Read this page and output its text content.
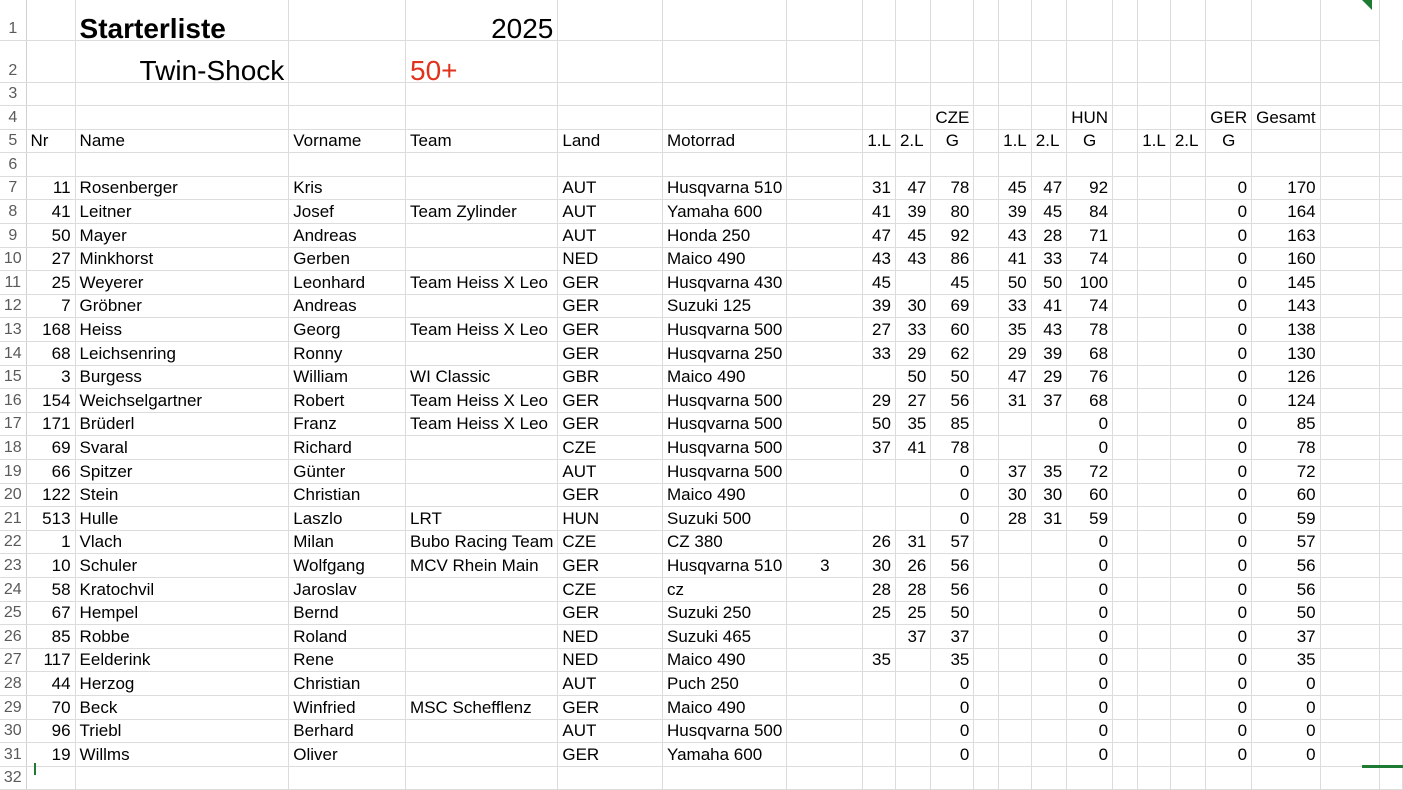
1		Starterliste		2025																	
2		Twin-Shock		50+																	
3																					
4										CZE				HUN				GER	Gesamt		
5	Nr	Name	Vorname	Team	Land	Motorrad		1.L	2.L	G		1.L	2.L	G		1.L	2.L	G			
6																					
7	11	Rosenberger	Kris		AUT	Husqvarna 510		31	47	78		45	47	92				0	170		
8	41	Leitner	Josef	Team Zylinder	AUT	Yamaha 600		41	39	80		39	45	84				0	164		
9	50	Mayer	Andreas		AUT	Honda 250		47	45	92		43	28	71				0	163		
10	27	Minkhorst	Gerben		NED	Maico 490		43	43	86		41	33	74				0	160		
11	25	Weyerer	Leonhard	Team Heiss X Leo	GER	Husqvarna 430		45		45		50	50	100				0	145		
12	7	Gröbner	Andreas		GER	Suzuki 125		39	30	69		33	41	74				0	143		
13	168	Heiss	Georg	Team Heiss X Leo	GER	Husqvarna 500		27	33	60		35	43	78				0	138		
14	68	Leichsenring	Ronny		GER	Husqvarna 250		33	29	62		29	39	68				0	130		
15	3	Burgess	William	WI Classic	GBR	Maico 490			50	50		47	29	76				0	126		
16	154	Weichselgartner	Robert	Team Heiss X Leo	GER	Husqvarna 500		29	27	56		31	37	68				0	124		
17	171	Brüderl	Franz	Team Heiss X Leo	GER	Husqvarna 500		50	35	85				0				0	85		
18	69	Svaral	Richard		CZE	Husqvarna 500		37	41	78				0				0	78		
19	66	Spitzer	Günter		AUT	Husqvarna 500				0		37	35	72				0	72		
20	122	Stein	Christian		GER	Maico 490				0		30	30	60				0	60		
21	513	Hulle	Laszlo	LRT	HUN	Suzuki 500				0		28	31	59				0	59		
22	1	Vlach	Milan	Bubo Racing Team	CZE	CZ 380		26	31	57				0				0	57		
23	10	Schuler	Wolfgang	MCV Rhein Main	GER	Husqvarna 510	3	30	26	56				0				0	56		
24	58	Kratochvil	Jaroslav		CZE	cz		28	28	56				0				0	56		
25	67	Hempel	Bernd		GER	Suzuki 250		25	25	50				0				0	50		
26	85	Robbe	Roland		NED	Suzuki 465			37	37				0				0	37		
27	117	Eelderink	Rene		NED	Maico 490		35		35				0				0	35		
28	44	Herzog	Christian		AUT	Puch 250				0				0				0	0		
29	70	Beck	Winfried	MSC Schefflenz	GER	Maico 490				0				0				0	0		
30	96	Triebl	Berhard		AUT	Husqvarna 500				0				0				0	0		
31	19	Willms	Oliver		GER	Yamaha 600				0				0				0	0		
32																					
